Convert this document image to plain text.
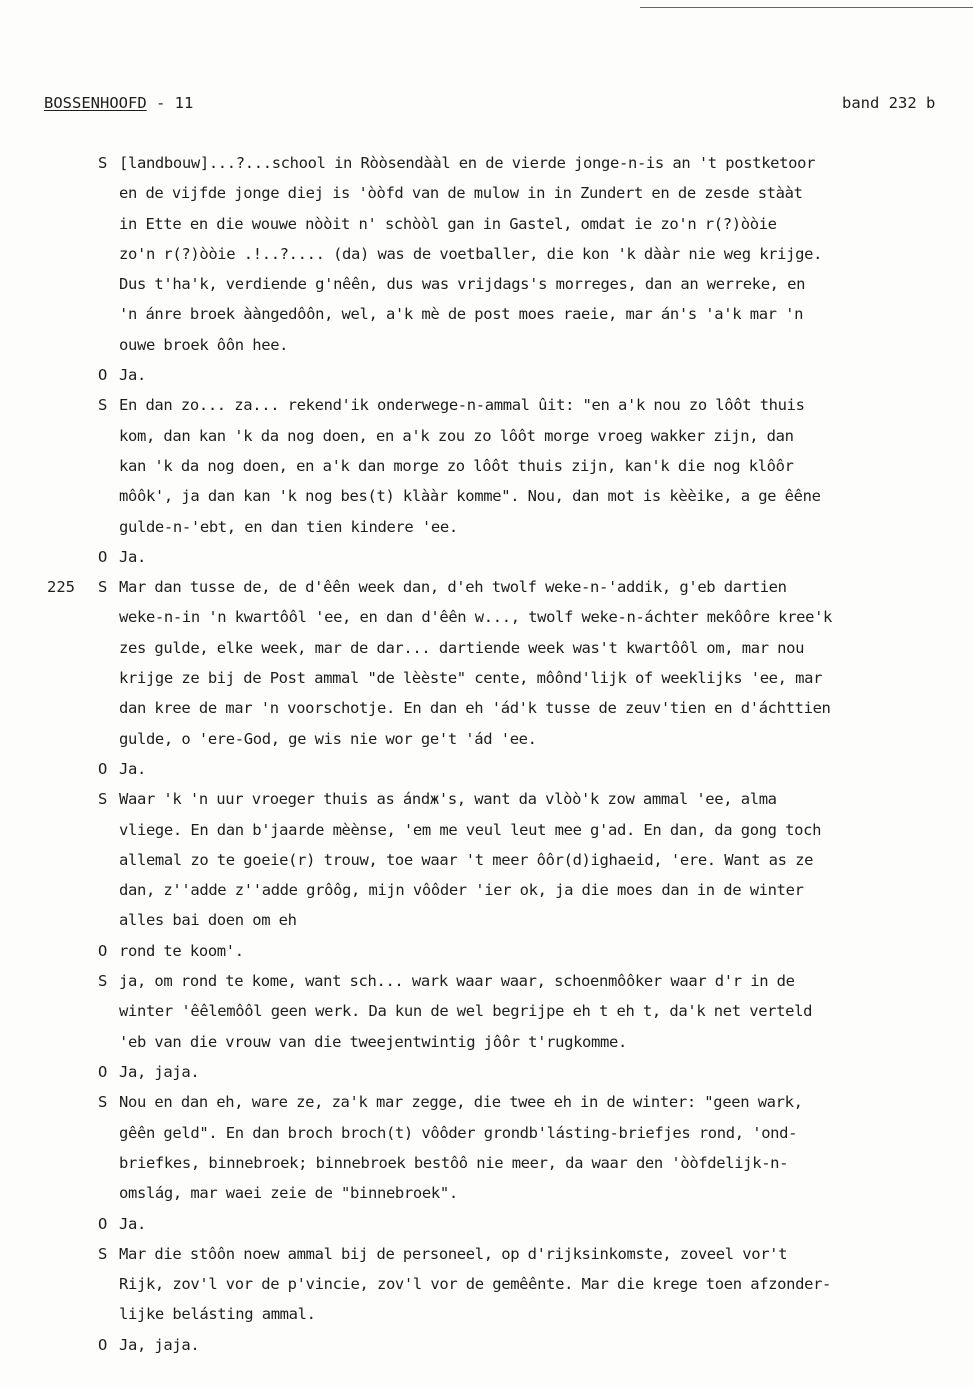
BOSSENHOOFD - 11	band 232 b
S [landbouw]...?...school in Ròòsendààl en de vierde jonge-n-is an 't postketoor
en de vijfde jonge diej is 'òòfd van de mulow in in Zundert en de zesde stààt
in Ette en die wouwe nòòit n' schòòl gan in Gastel, omdat ie zo'n r(?)òòie
zo'n r(?)òòie .!..?.... (da) was de voetballer, die kon 'k dààr nie weg krijge.
Dus t'ha'k, verdiende g'nêên, dus was vrijdags's morreges, dan an werreke, en
'n ánre broek ààngedôôn, wel, a'k mè de post moes raeie, mar án's 'a'k mar 'n
ouwe broek ôôn hee.
O Ja.
S En dan zo... za... rekend'ik onderwege-n-ammal ûit: "en a'k nou zo lôôt thuis
kom, dan kan 'k da nog doen, en a'k zou zo lôôt morge vroeg wakker zijn, dan
kan 'k da nog doen, en a'k dan morge zo lôôt thuis zijn, kan'k die nog klôôr
môôk', ja dan kan 'k nog bes(t) klààr komme". Nou, dan mot is kèèike, a ge êêne
gulde-n-'ebt, en dan tien kindere 'ee.
O Ja.
225 S Mar dan tusse de, de d'êên week dan, d'eh twolf weke-n-'addik, g'eb dartien
weke-n-in 'n kwartôôl 'ee, en dan d'êên w..., twolf weke-n-áchter mekôôre kree'k
zes gulde, elke week, mar de dar... dartiende week was't kwartôôl om, mar nou
krijge ze bij de Post ammal "de lèèste" cente, môônd'lijk of weeklijks 'ee, mar
dan kree de mar 'n voorschotje. En dan eh 'ád'k tusse de zeuv'tien en d'áchttien
gulde, o 'ere-God, ge wis nie wor ge't 'ád 'ee.
O Ja.
S Waar 'k 'n uur vroeger thuis as ándж's, want da vlòò'k zow ammal 'ee, alma
vliege. En dan b'jaarde mèènse, 'em me veul leut mee g'ad. En dan, da gong toch
allemal zo te goeie(r) trouw, toe waar 't meer ôôr(d)ighaeid, 'ere. Want as ze
dan, z''adde z''adde grôôg, mijn vôôder 'ier ok, ja die moes dan in de winter
alles bai doen om eh
O rond te koom'.
S ja, om rond te kome, want sch... wark waar waar, schoenmôôker waar d'r in de
winter 'êêlemôôl geen werk. Da kun de wel begrijpe eh t eh t, da'k net verteld
'eb van die vrouw van die tweejentwintig jôôr t'rugkomme.
O Ja, jaja.
S Nou en dan eh, ware ze, za'k mar zegge, die twee eh in de winter: "geen wark,
gêên geld". En dan broch broch(t) vôôder grondb'lásting-briefjes rond, 'ond-
briefkes, binnebroek; binnebroek bestôô nie meer, da waar den 'òòfdelijk-n-
omslág, mar waei zeie de "binnebroek".
O Ja.
S Mar die stôôn noew ammal bij de personeel, op d'rijksinkomste, zoveel vor't
Rijk, zov'l vor de p'vincie, zov'l vor de gemêênte. Mar die krege toen afzonder-
lijke belásting ammal.
O Ja, jaja.
